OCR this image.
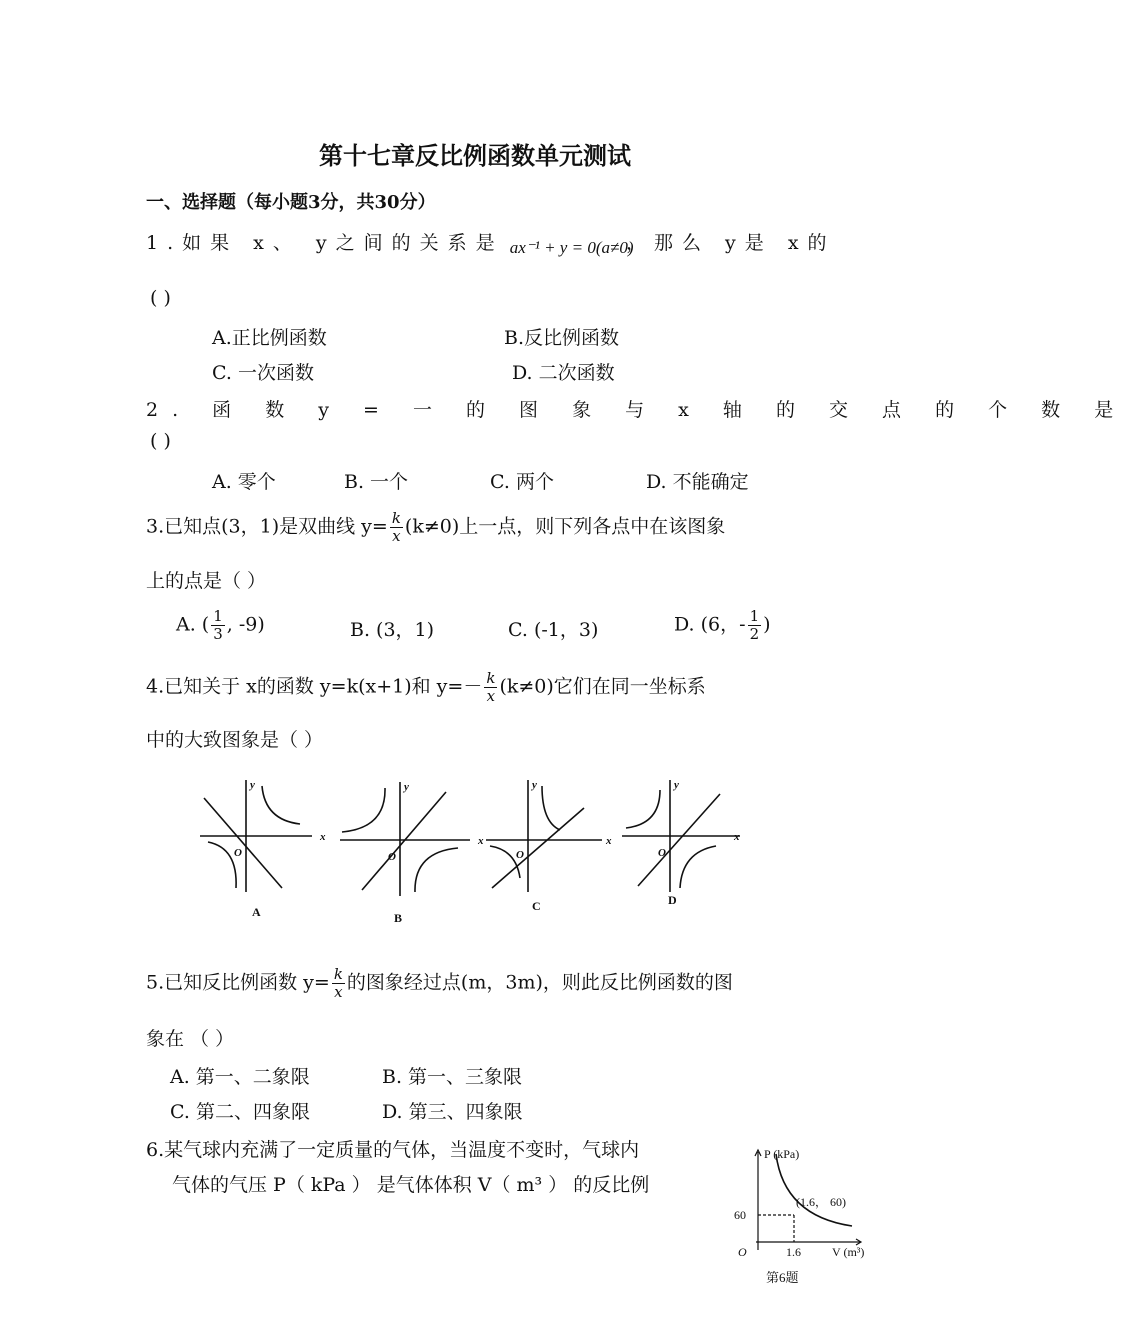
第十七章反比例函数单元测试
一、选择题（每小题3分，共30分）
1.如果 x、 y之间的关系是 ax⁻¹ + y = 0(a≠0)
，那么 y是 x的
( )
A.正比例函数	B.反比例函数
C. 一次函数	D. 二次函数
2. 函 数 y = 一 的 图 象 与 x 轴 的 交 点 的 个 数 是
( )
A. 零个	B. 一个	C. 两个	D. 不能确定
3.已知点(3，1)是双曲线 $y= \frac{k}{x} (k\ne 0)$上一点，则下列各点中在该图象
上的点是（ ）
A. ( $\frac{1}{3}$ , -9)	B. (3，1)	C. (-1，3)	D. (6，- $\frac{1}{2}$ )
4.已知关于 x的函数 y=k(x+1)和 $y=- \frac{k}{x} (k\ne 0)$它们在同一坐标系
中的大致图象是（ ）
x
y
O
x
y
O
x
y
O
x
y
O
A	B
C	D
5.已知反比例函数 $y= \frac{k}{x}$ 的图象经过点(m，3m)，则此反比例函数的图
象在 （ ）
A. 第一、二象限	B. 第一、三象限
C. 第二、四象限	D. 第三、四象限
6.某气球内充满了一定质量的气体，当温度不变时，气球内
气体的气压 P（ kPa ） 是气体体积 V（ m³ ） 的反比例
P (kPa)
(1.6， 60)
60
O	1.6	V (m³)
第6题
